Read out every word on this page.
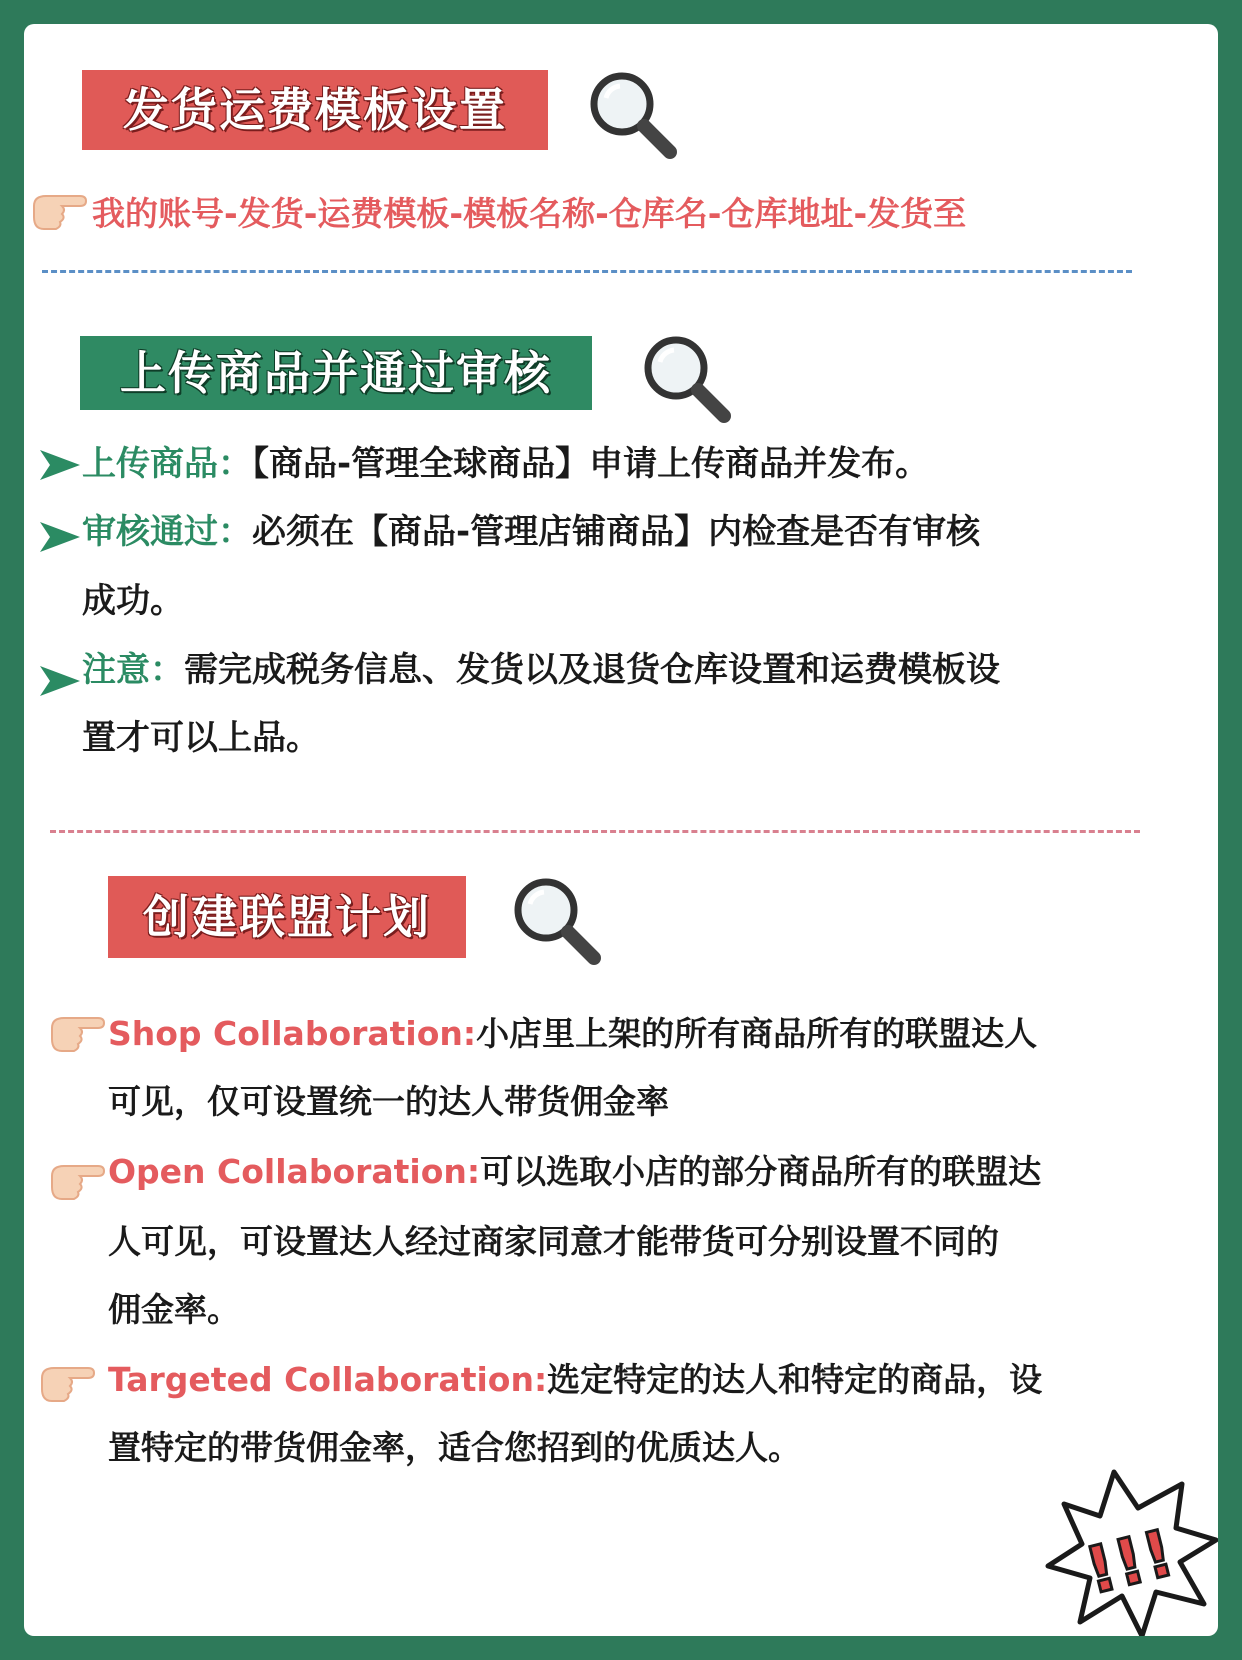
发货运费模板设置
我的账号-发货-运费模板-模板名称-仓库名-仓库地址-发货至
上传商品并通过审核
上传商品：【商品-管理全球商品】申请上传商品并发布。
审核通过：必须在【商品-管理店铺商品】内检查是否有审核
成功。
注意：需完成税务信息、发货以及退货仓库设置和运费模板设
置才可以上品。
创建联盟计划
Shop Collaboration:小店里上架的所有商品所有的联盟达人
可见，仅可设置统一的达人带货佣金率
Open Collaboration:可以选取小店的部分商品所有的联盟达
人可见，可设置达人经过商家同意才能带货可分别设置不同的
佣金率。
Targeted Collaboration:选定特定的达人和特定的商品，设
置特定的带货佣金率，适合您招到的优质达人。
!!!
